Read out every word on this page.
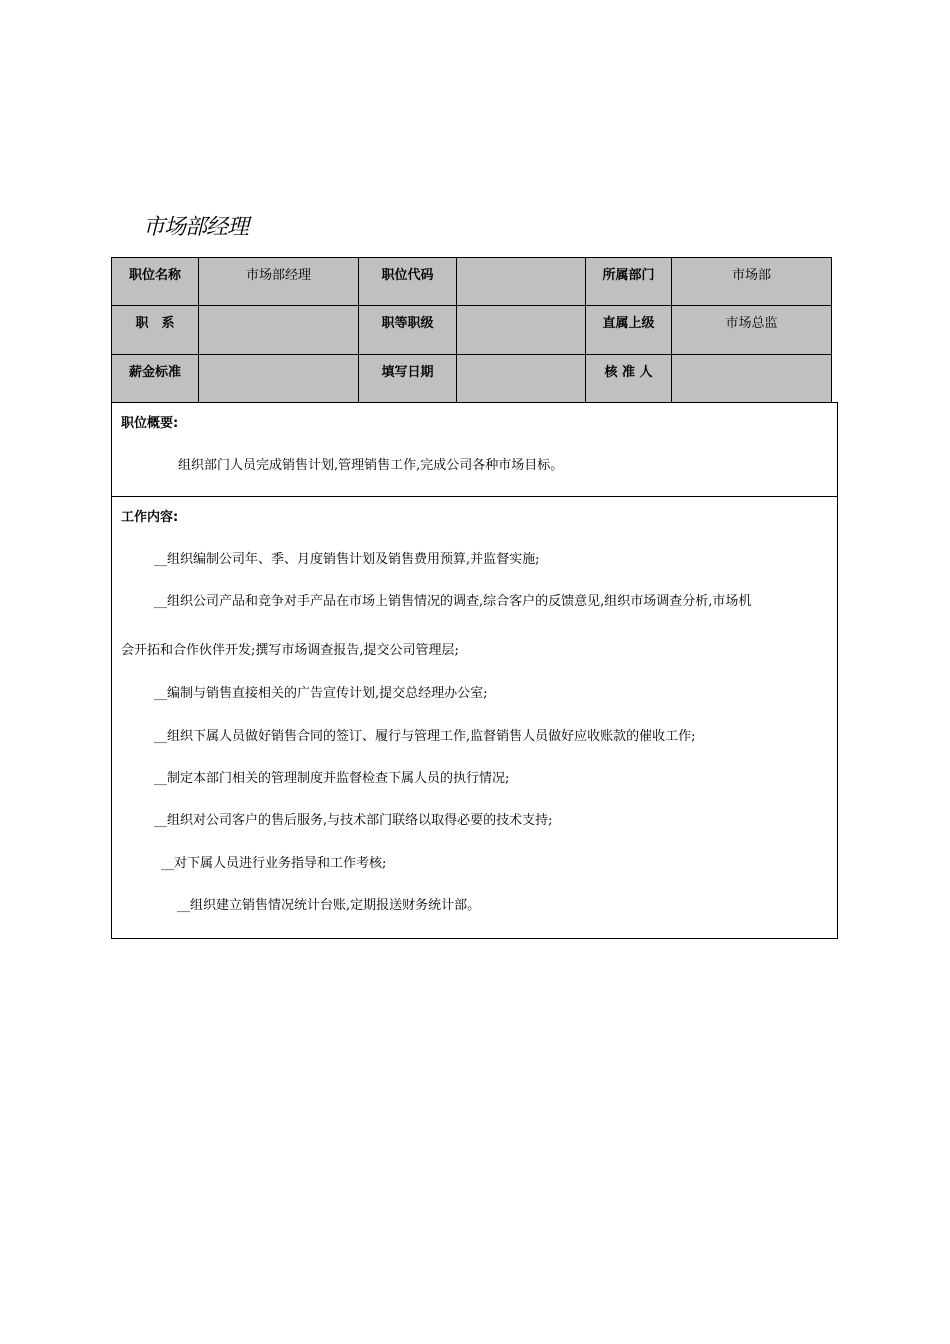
市场部经理
职位名称	市场部经理	职位代码		所属部门	市场部
职　系		职等职级		直属上级	市场总监
薪金标准		填写日期		核 准 人	
职位概要:
组织部门人员完成销售计划,管理销售工作,完成公司各种市场目标。
工作内容:
__组织编制公司年、季、月度销售计划及销售费用预算,并监督实施;
__组织公司产品和竞争对手产品在市场上销售情况的调查,综合客户的反馈意见,组织市场调查分析,市场机
会开拓和合作伙伴开发;撰写市场调查报告,提交公司管理层;
__编制与销售直接相关的广告宣传计划,提交总经理办公室;
__组织下属人员做好销售合同的签订、履行与管理工作,监督销售人员做好应收账款的催收工作;
__制定本部门相关的管理制度并监督检查下属人员的执行情况;
__组织对公司客户的售后服务,与技术部门联络以取得必要的技术支持;
__对下属人员进行业务指导和工作考核;
__组织建立销售情况统计台账,定期报送财务统计部。
